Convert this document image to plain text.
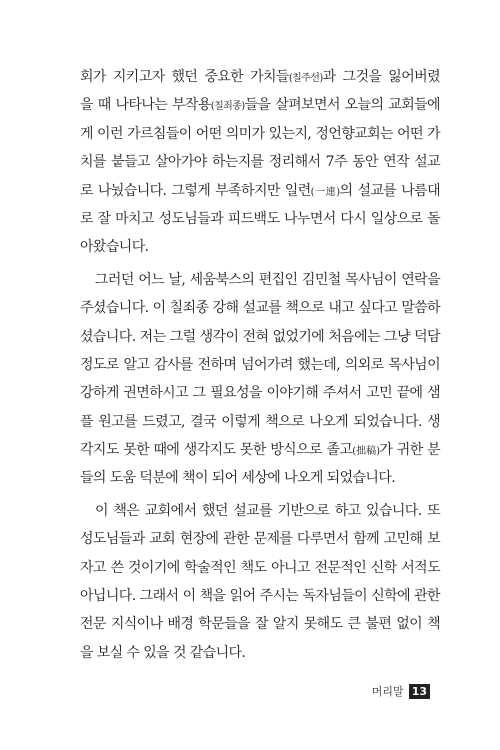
회가 지키고자 했던 중요한 가치들(칠주선)과 그것을 잃어버렸
을 때 나타나는 부작용(칠죄종)들을 살펴보면서 오늘의 교회들에
게 이런 가르침들이 어떤 의미가 있는지, 정언향교회는 어떤 가
치를 붙들고 살아가야 하는지를 정리해서 7주 동안 연작 설교
로 나눴습니다. 그렇게 부족하지만 일련(一連)의 설교를 나름대
로 잘 마치고 성도님들과 피드백도 나누면서 다시 일상으로 돌
아왔습니다.
그러던 어느 날, 세움북스의 편집인 김민철 목사님이 연락을
주셨습니다. 이 칠죄종 강해 설교를 책으로 내고 싶다고 말씀하
셨습니다. 저는 그럴 생각이 전혀 없었기에 처음에는 그냥 덕담
정도로 알고 감사를 전하며 넘어가려 했는데, 의외로 목사님이
강하게 권면하시고 그 필요성을 이야기해 주셔서 고민 끝에 샘
플 원고를 드렸고, 결국 이렇게 책으로 나오게 되었습니다. 생
각지도 못한 때에 생각지도 못한 방식으로 졸고(拙稿)가 귀한 분
들의 도움 덕분에 책이 되어 세상에 나오게 되었습니다.
이 책은 교회에서 했던 설교를 기반으로 하고 있습니다. 또
성도님들과 교회 현장에 관한 문제를 다루면서 함께 고민해 보
자고 쓴 것이기에 학술적인 책도 아니고 전문적인 신학 서적도
아닙니다. 그래서 이 책을 읽어 주시는 독자님들이 신학에 관한
전문 지식이나 배경 학문들을 잘 알지 못해도 큰 불편 없이 책
을 보실 수 있을 것 같습니다.
머리말 13
